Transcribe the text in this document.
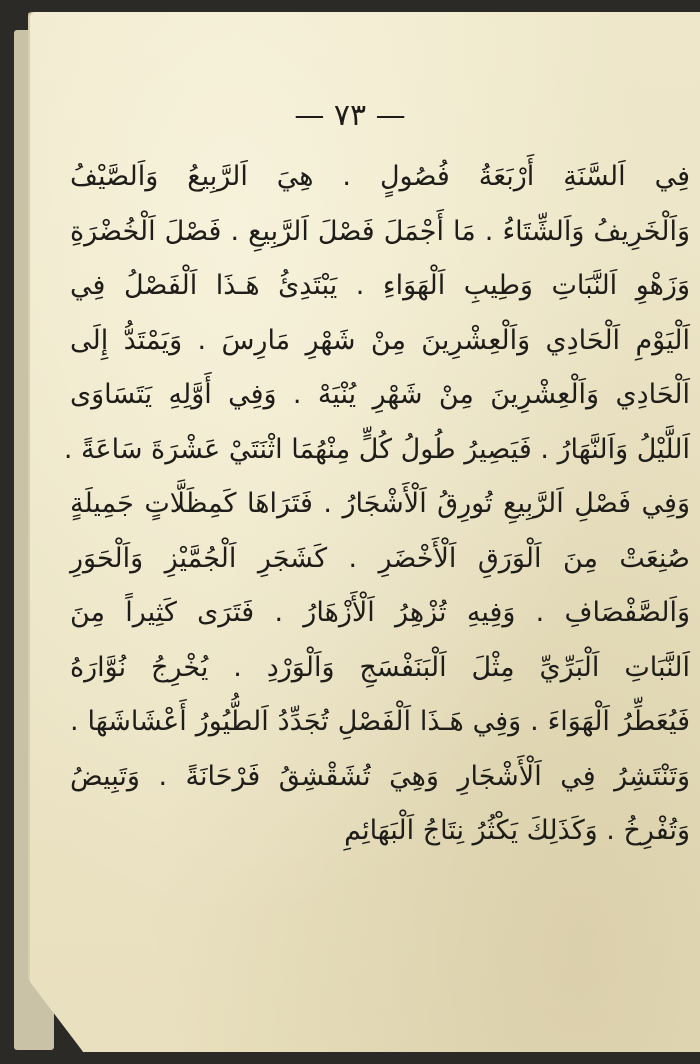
— ٧٣ —
فِي اَلسَّنَةِ أَرْبَعَةُ فُصُولٍ . هِيَ اَلرَّبِيعُ وَاَلصَّيْفُ
وَاَلْخَرِيفُ وَاَلشِّتَاءُ . مَا أَجْمَلَ فَصْلَ اَلرَّبِيعِ . فَصْلَ اَلْخُضْرَةِ
وَزَهْوِ اَلنَّبَاتِ وَطِيبِ اَلْهَوَاءِ . يَبْتَدِئُ هَـذَا اَلْفَصْلُ فِي
اَلْيَوْمِ اَلْحَادِي وَاَلْعِشْرِينَ مِنْ شَهْرِ مَارِسَ . وَيَمْتَدُّ إِلَى
اَلْحَادِي وَاَلْعِشْرِينَ مِنْ شَهْرِ يُنْيَهْ . وَفِي أَوَّلِهِ يَتَسَاوَى
اَللَّيْلُ وَاَلنَّهَارُ . فَيَصِيرُ طُولُ كُلٍّ مِنْهُمَا اثْنَتَيْ عَشْرَةَ سَاعَةً .
وَفِي فَصْلِ اَلرَّبِيعِ تُورِقُ اَلْأَشْجَارُ . فَتَرَاهَا كَمِظَلَّاتٍ جَمِيلَةٍ
صُنِعَتْ مِنَ اَلْوَرَقِ اَلْأَخْضَرِ . كَشَجَرِ اَلْجُمَّيْزِ وَاَلْحَوَرِ
وَاَلصَّفْصَافِ . وَفِيهِ تُزْهِرُ اَلْأَزْهَارُ . فَتَرَى كَثِيراً مِنَ
اَلنَّبَاتِ اَلْبَرِّيِّ مِثْلَ اَلْبَنَفْسَجِ وَاَلْوَرْدِ . يُخْرِجُ نُوَّارَهُ
فَيُعَطِّرُ اَلْهَوَاءَ . وَفِي هَـذَا اَلْفَصْلِ تُجَدِّدُ اَلطُّيُورُ أَعْشَاشَهَا .
وَتَنْتَشِرُ فِي اَلْأَشْجَارِ وَهِيَ تُشَقْشِقُ فَرْحَانَةً . وَتَبِيضُ
وَتُفْرِخُ . وَكَذَلِكَ يَكْثُرُ نِتَاجُ اَلْبَهَائِمِ
